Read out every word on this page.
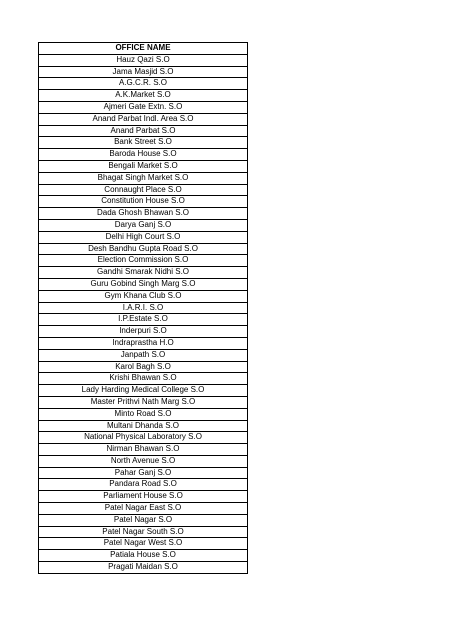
OFFICE NAME
Hauz Qazi S.O
Jama Masjid S.O
A.G.C.R. S.O
A.K.Market S.O
Ajmeri Gate Extn. S.O
Anand Parbat Indl. Area S.O
Anand Parbat S.O
Bank Street S.O
Baroda House S.O
Bengali Market S.O
Bhagat Singh Market S.O
Connaught Place S.O
Constitution House S.O
Dada Ghosh Bhawan S.O
Darya Ganj S.O
Delhi High Court S.O
Desh Bandhu Gupta Road S.O
Election Commission S.O
Gandhi Smarak Nidhi S.O
Guru Gobind Singh Marg S.O
Gym Khana Club S.O
I.A.R.I. S.O
I.P.Estate S.O
Inderpuri S.O
Indraprastha H.O
Janpath S.O
Karol Bagh S.O
Krishi Bhawan S.O
Lady Harding Medical College S.O
Master Prithvi Nath Marg S.O
Minto Road S.O
Multani Dhanda S.O
National Physical Laboratory S.O
Nirman Bhawan S.O
North Avenue S.O
Pahar Ganj S.O
Pandara Road S.O
Parliament House S.O
Patel Nagar East S.O
Patel Nagar S.O
Patel Nagar South S.O
Patel Nagar West S.O
Patiala House S.O
Pragati Maidan S.O
